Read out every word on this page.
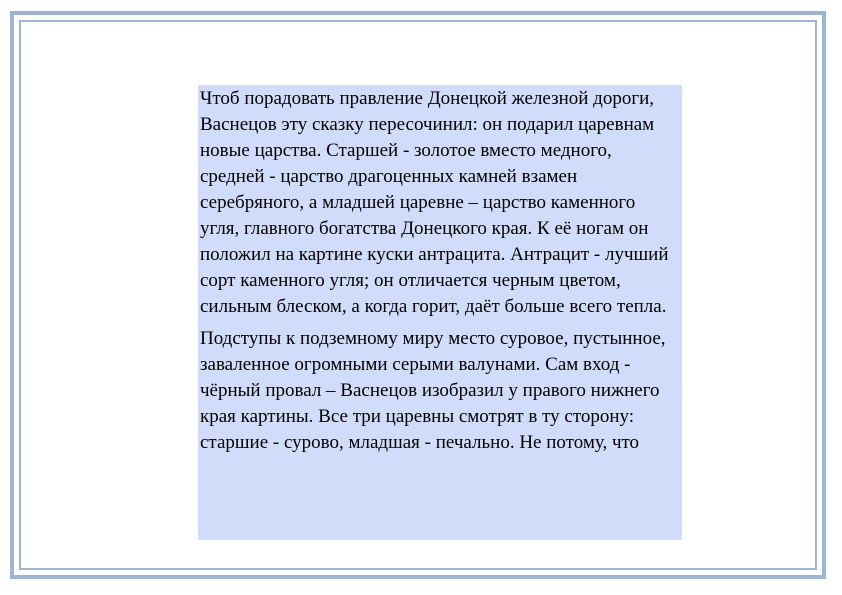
Чтоб порадовать правление Донецкой железной дороги, Васнецов эту сказку пересочинил: он подарил царевнам новые царства. Старшей - золотое вместо медного, средней - царство драгоценных камней взамен серебряного, а младшей царевне – царство каменного угля, главного богатства Донецкого края. К её ногам он положил на картине куски антрацита. Антрацит - лучший сорт каменного угля; он отличается черным цветом, сильным блеском, а когда горит, даёт больше всего тепла.

Подступы к подземному миру место суровое, пустынное, заваленное огромными серыми валунами. Сам вход - чёрный провал – Васнецов изобразил у правого нижнего края картины. Все три царевны смотрят в ту сторону: старшие - сурово, младшая - печально. Не потому, что
